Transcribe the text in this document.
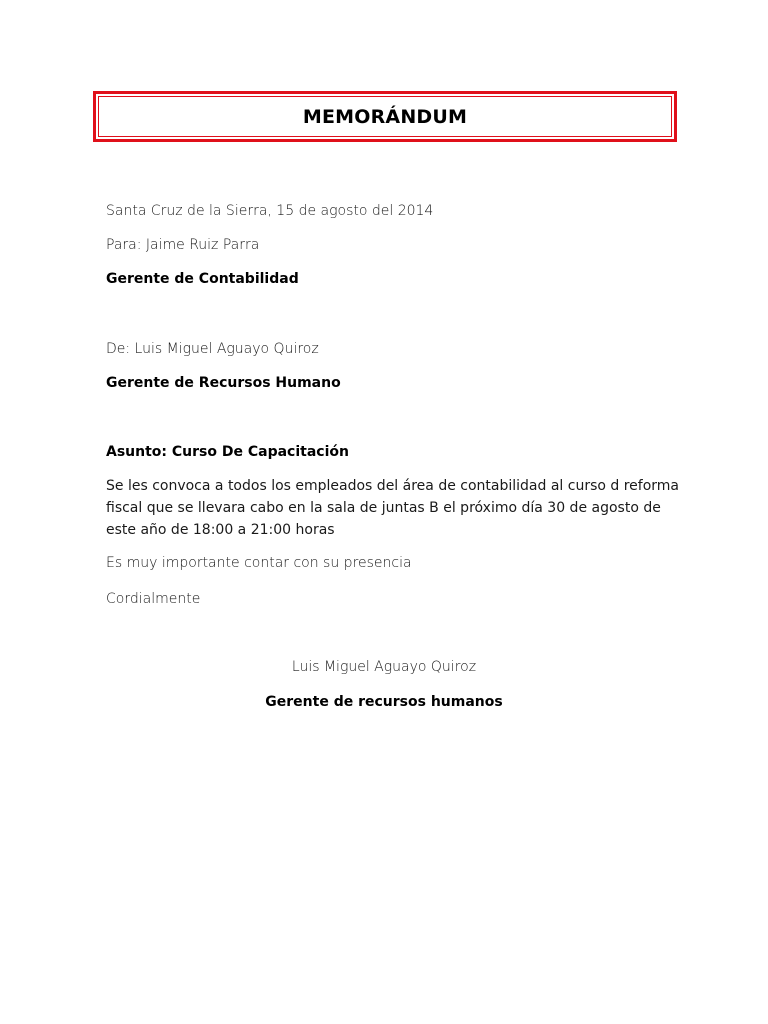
MEMORÁNDUM
Santa Cruz de la Sierra, 15 de agosto del 2014
Para: Jaime Ruiz Parra
Gerente de Contabilidad
De: Luis Miguel Aguayo Quiroz
Gerente de Recursos Humano
Asunto: Curso De Capacitación
Se les convoca a todos los empleados del área de contabilidad al curso d reforma
fiscal que se llevara cabo en la sala de juntas B el próximo día 30 de agosto de
este año de 18:00 a 21:00 horas
Es muy importante contar con su presencia
Cordialmente
Luis Miguel Aguayo Quiroz
Gerente de recursos humanos
